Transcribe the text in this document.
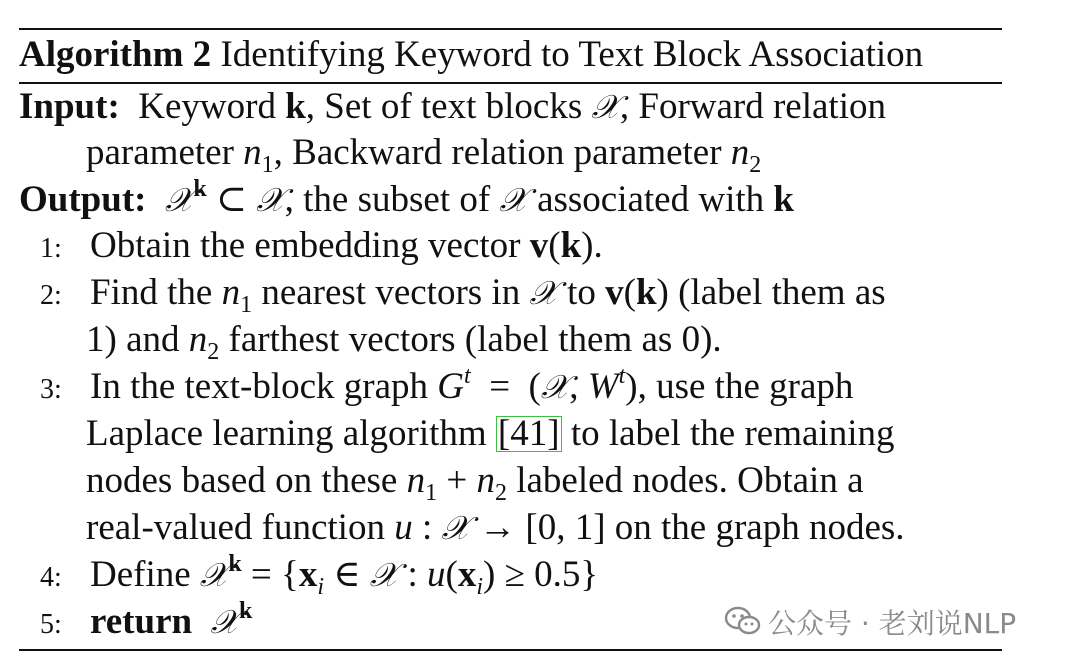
Algorithm 2 Identifying Keyword to Text Block Association
Input:  Keyword k, Set of text blocks 𝒳, Forward relation
parameter $n_1$, Backward relation parameter $n_2$
Output: 𝒳$^k$ ⊂ 𝒳, the subset of 𝒳 associated with k
1: Obtain the embedding vector v(k).
2: Find the $n_1$ nearest vectors in 𝒳 to v(k) (label them as
1) and $n_2$ farthest vectors (label them as 0).
3: In the text-block graph $G^t$  =  (𝒳, $W^t$), use the graph
Laplace learning algorithm [41] to label the remaining
nodes based on these $n_1 + n_2$ labeled nodes. Obtain a
real-valued function u : 𝒳 → [0, 1] on the graph nodes.
4: Define 𝒳$^k$ = {$x_i$ ∈ 𝒳 : $u(x_i) \ge 0.5$}
5: return 𝒳$^k$	公众号 · 老刘说NLP
